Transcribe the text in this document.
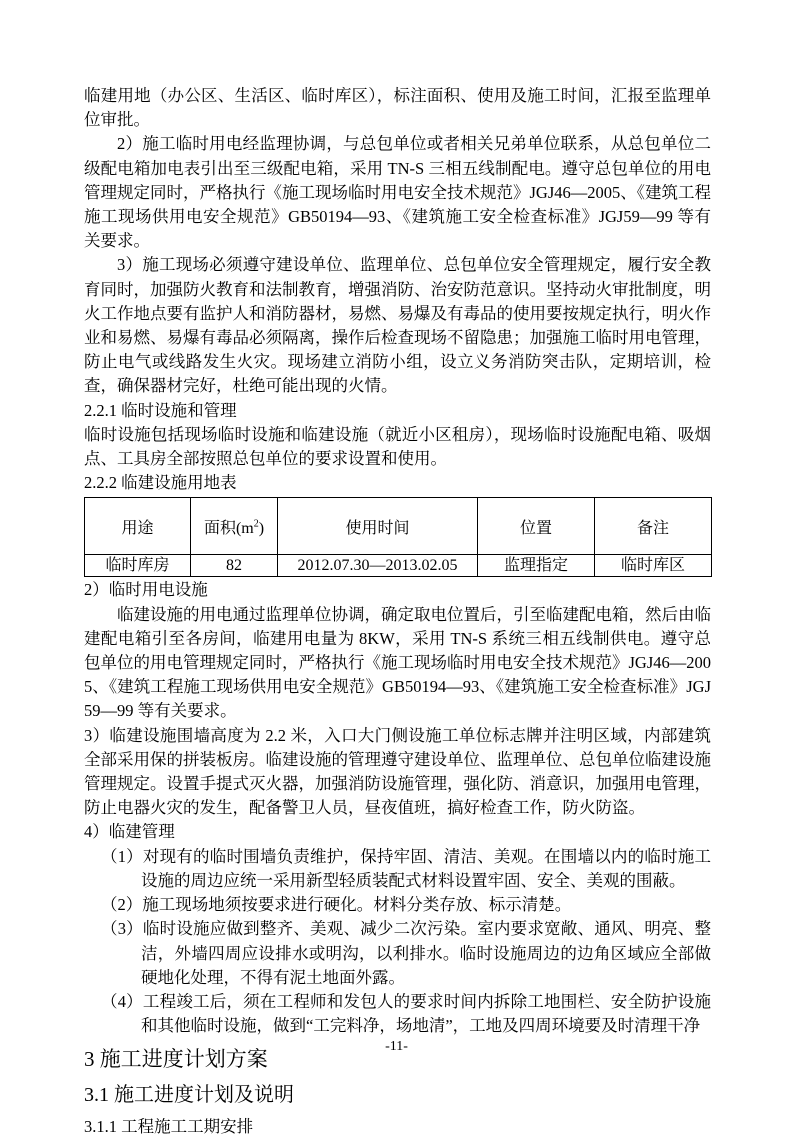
临建用地（办公区、生活区、临时库区），标注面积、使用及施工时间，汇报至监理单位审批。

2）施工临时用电经监理协调，与总包单位或者相关兄弟单位联系，从总包单位二级配电箱加电表引出至三级配电箱，采用 TN-S 三相五线制配电。遵守总包单位的用电管理规定同时，严格执行《施工现场临时用电安全技术规范》JGJ46—2005、《建筑工程施工现场供用电安全规范》GB50194—93、《建筑施工安全检查标准》JGJ59—99 等有关要求。

3）施工现场必须遵守建设单位、监理单位、总包单位安全管理规定，履行安全教育同时，加强防火教育和法制教育，增强消防、治安防范意识。坚持动火审批制度，明火工作地点要有监护人和消防器材，易燃、易爆及有毒品的使用要按规定执行，明火作业和易燃、易爆有毒品必须隔离，操作后检查现场不留隐患；加强施工临时用电管理，防止电气或线路发生火灾。现场建立消防小组，设立义务消防突击队，定期培训，检查，确保器材完好，杜绝可能出现的火情。

2.2.1 临时设施和管理

临时设施包括现场临时设施和临建设施（就近小区租房），现场临时设施配电箱、吸烟点、工具房全部按照总包单位的要求设置和使用。

2.2.2 临建设施用地表
用途	面积$(m^2)$	使用时间	位置	备注
临时库房	82	2012.07.30—2013.02.05	监理指定	临时库区

2）临时用电设施

临建设施的用电通过监理单位协调，确定取电位置后，引至临建配电箱，然后由临建配电箱引至各房间，临建用电量为 8KW，采用 TN-S 系统三相五线制供电。遵守总包单位的用电管理规定同时，严格执行《施工现场临时用电安全技术规范》JGJ46—2005、《建筑工程施工现场供用电安全规范》GB50194—93、《建筑施工安全检查标准》JGJ59—99 等有关要求。

3）临建设施围墙高度为 2.2 米，入口大门侧设施工单位标志牌并注明区域，内部建筑全部采用保的拼装板房。临建设施的管理遵守建设单位、监理单位、总包单位临建设施管理规定。设置手提式灭火器，加强消防设施管理，强化防、消意识，加强用电管理，防止电器火灾的发生，配备警卫人员，昼夜值班，搞好检查工作，防火防盗。

4）临建管理

（1）对现有的临时围墙负责维护，保持牢固、清洁、美观。在围墙以内的临时施工设施的周边应统一采用新型轻质装配式材料设置牢固、安全、美观的围蔽。

（2）施工现场地须按要求进行硬化。材料分类存放、标示清楚。

（3）临时设施应做到整齐、美观、减少二次污染。室内要求宽敞、通风、明亮、整洁，外墙四周应设排水或明沟，以利排水。临时设施周边的边角区域应全部做硬地化处理，不得有泥土地面外露。

（4）工程竣工后，须在工程师和发包人的要求时间内拆除工地围栏、安全防护设施和其他临时设施，做到“工完料净，场地清”，工地及四周环境要及时清理干净

3 施工进度计划方案
3.1 施工进度计划及说明
3.1.1 工程施工工期安排
-11-
